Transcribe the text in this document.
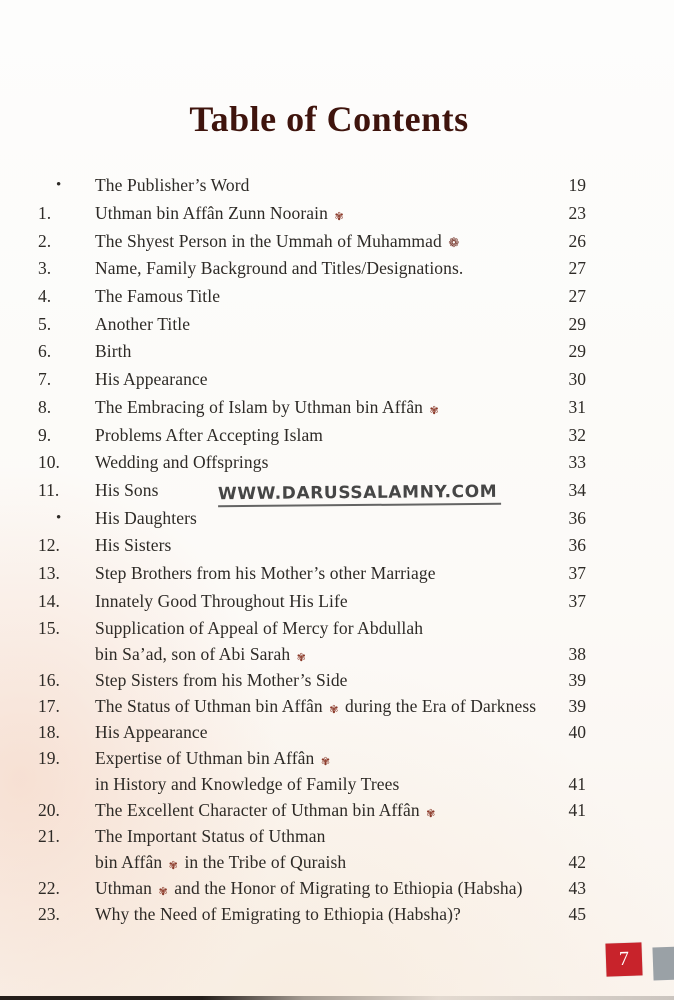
Table of Contents
•	The Publisher’s Word	19
1.	Uthman bin Affân Zunn Noorain ✾	23
2.	The Shyest Person in the Ummah of Muhammad ❁	26
3.	Name, Family Background and Titles/Designations.	27
4.	The Famous Title	27
5.	Another Title	29
6.	Birth	29
7.	His Appearance	30
8.	The Embracing of Islam by Uthman bin Affân ✾	31
9.	Problems After Accepting Islam	32
10.	Wedding and Offsprings	33
11.	His Sons	34
•	His Daughters	36
12.	His Sisters	36
13.	Step Brothers from his Mother’s other Marriage	37
14.	Innately Good Throughout His Life	37
15.	Supplication of Appeal of Mercy for Abdullah
bin Sa’ad, son of Abi Sarah ✾	38
16.	Step Sisters from his Mother’s Side	39
17.	The Status of Uthman bin Affân ✾ during the Era of Darkness	39
18.	His Appearance	40
19.	Expertise of Uthman bin Affân ✾
in History and Knowledge of Family Trees	41
20.	The Excellent Character of Uthman bin Affân ✾	41
21.	The Important Status of Uthman
bin Affân ✾ in the Tribe of Quraish	42
22.	Uthman ✾ and the Honor of Migrating to Ethiopia (Habsha)	43
23.	Why the Need of Emigrating to Ethiopia (Habsha)?	45
WWW.DARUSSALAMNY.COM
7
